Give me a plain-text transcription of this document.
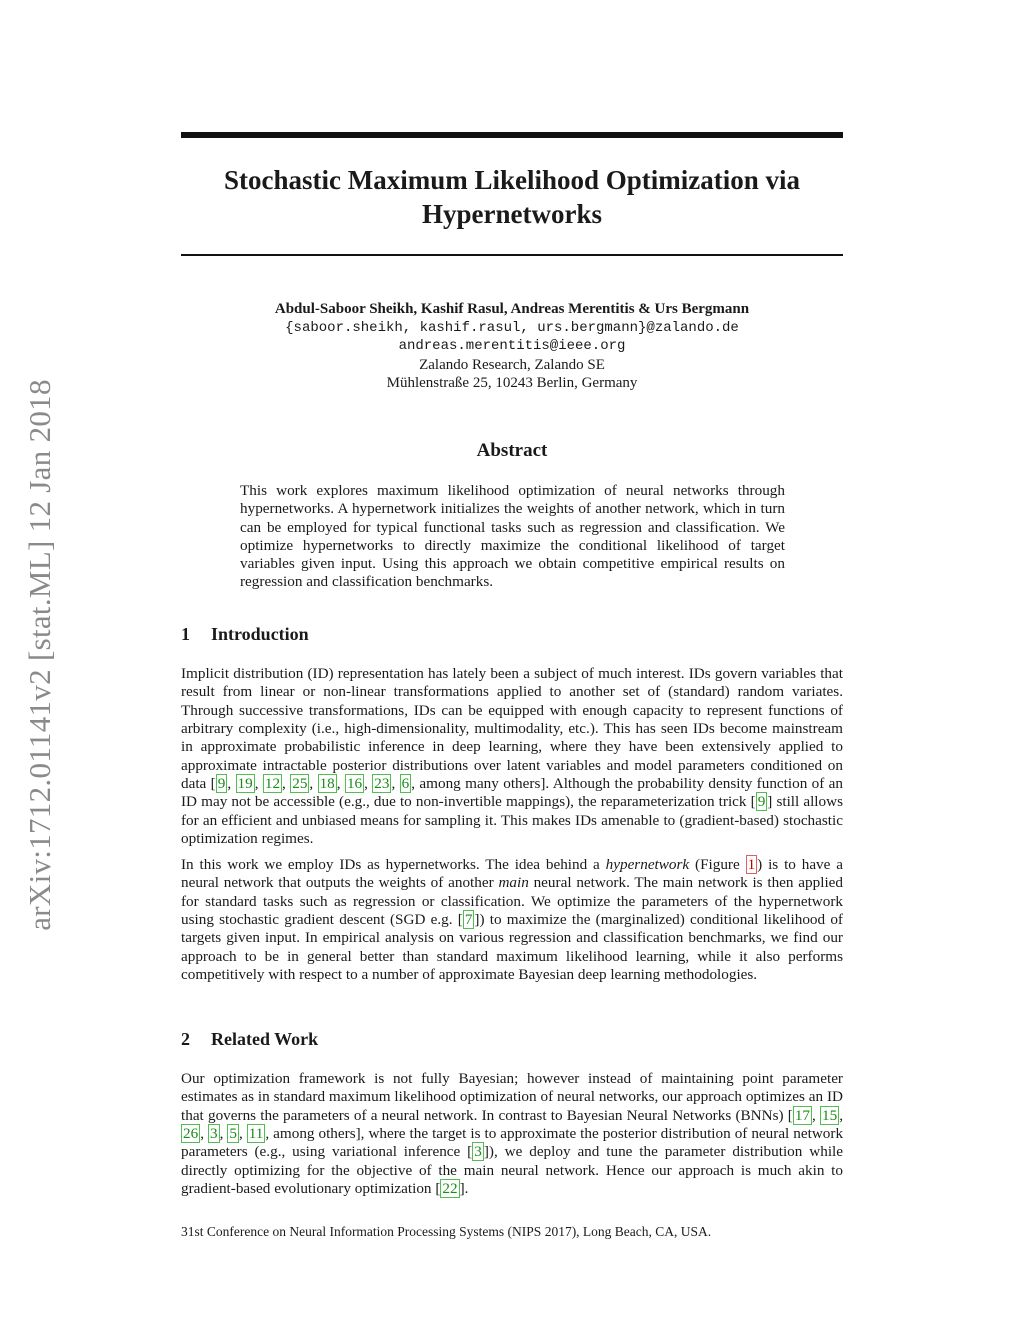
arXiv:1712.01141v2 [stat.ML] 12 Jan 2018
Stochastic Maximum Likelihood Optimization via
Hypernetworks
Abdul-Saboor Sheikh, Kashif Rasul, Andreas Merentitis & Urs Bergmann
{saboor.sheikh, kashif.rasul, urs.bergmann}@zalando.de
andreas.merentitis@ieee.org
Zalando Research, Zalando SE
Mühlenstraße 25, 10243 Berlin, Germany
Abstract
This work explores maximum likelihood optimization of neural networks through hypernetworks. A hypernetwork initializes the weights of another network, which in turn can be employed for typical functional tasks such as regression and classification. We optimize hypernetworks to directly maximize the conditional likelihood of target variables given input. Using this approach we obtain competitive empirical results on regression and classification benchmarks.
1 Introduction
Implicit distribution (ID) representation has lately been a subject of much interest. IDs govern variables that result from linear or non-linear transformations applied to another set of (standard) random variates. Through successive transformations, IDs can be equipped with enough capacity to represent functions of arbitrary complexity (i.e., high-dimensionality, multimodality, etc.). This has seen IDs become mainstream in approximate probabilistic inference in deep learning, where they have been extensively applied to approximate intractable posterior distributions over latent variables and model parameters conditioned on data [ 9 , 19 , 12 , 25 , 18 , 16 , 23 , 6 , among many others]. Although the probability density function of an ID may not be accessible (e.g., due to non-invertible mappings), the reparameterization trick [ 9 ] still allows for an efficient and unbiased means for sampling it. This makes IDs amenable to (gradient-based) stochastic optimization regimes.
In this work we employ IDs as hypernetworks. The idea behind a hypernetwork (Figure 1 ) is to have a neural network that outputs the weights of another main neural network. The main network is then applied for standard tasks such as regression or classification. We optimize the parameters of the hypernetwork using stochastic gradient descent (SGD e.g. [ 7 ]) to maximize the (marginalized) conditional likelihood of targets given input. In empirical analysis on various regression and classification benchmarks, we find our approach to be in general better than standard maximum likelihood learning, while it also performs competitively with respect to a number of approximate Bayesian deep learning methodologies.
2 Related Work
Our optimization framework is not fully Bayesian; however instead of maintaining point parameter estimates as in standard maximum likelihood optimization of neural networks, our approach optimizes an ID that governs the parameters of a neural network. In contrast to Bayesian Neural Networks (BNNs) [ 17 , 15 , 26 , 3 , 5 , 11 , among others], where the target is to approximate the posterior distribution of neural network parameters (e.g., using variational inference [ 3 ]), we deploy and tune the parameter distribution while directly optimizing for the objective of the main neural network. Hence our approach is much akin to gradient-based evolutionary optimization [ 22 ].
31st Conference on Neural Information Processing Systems (NIPS 2017), Long Beach, CA, USA.
